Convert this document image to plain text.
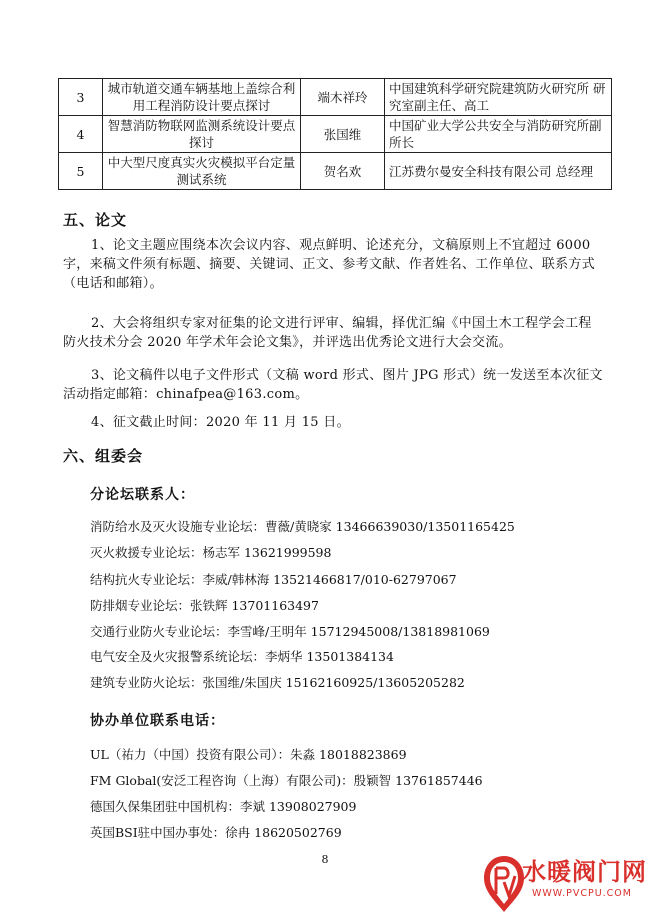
3	城市轨道交通车辆基地上盖综合利用工程消防设计要点探讨	端木祥玲	中国建筑科学研究院建筑防火研究所 研究室副主任、高工
4	智慧消防物联网监测系统设计要点探讨	张国维	中国矿业大学公共安全与消防研究所副所长
5	中大型尺度真实火灾模拟平台定量测试系统	贺名欢	江苏费尔曼安全科技有限公司 总经理
五、论文
1、论文主题应围绕本次会议内容、观点鲜明、论述充分，文稿原则上不宜超过 6000 字，来稿文件须有标题、摘要、关键词、正文、参考文献、作者姓名、工作单位、联系方式（电话和邮箱）。
2、大会将组织专家对征集的论文进行评审、编辑，择优汇编《中国土木工程学会工程防火技术分会 2020 年学术年会论文集》，并评选出优秀论文进行大会交流。
3、论文稿件以电子文件形式（文稿 word 形式、图片 JPG 形式）统一发送至本次征文活动指定邮箱：chinafpea@163.com。
4、征文截止时间：2020 年 11 月 15 日。
六、组委会
分论坛联系人：
消防给水及灭火设施专业论坛：曹薇/黄晓家 13466639030/13501165425
灭火救援专业论坛：杨志军 13621999598
结构抗火专业论坛：李威/韩林海 13521466817/010-62797067
防排烟专业论坛：张铁辉 13701163497
交通行业防火专业论坛：李雪峰/王明年 15712945008/13818981069
电气安全及火灾报警系统论坛：李炳华 13501384134
建筑专业防火论坛：张国维/朱国庆 15162160925/13605205282
协办单位联系电话：
UL（祐力（中国）投资有限公司）：朱淼 18018823869
FM Global(安泛工程咨询（上海）有限公司)：殷颖智 13761857446
德国久保集团驻中国机构：李斌 13908027909
英国BSI驻中国办事处：徐冉 18620502769
8	水暖阀门网
WWW.PVCPU.COM
